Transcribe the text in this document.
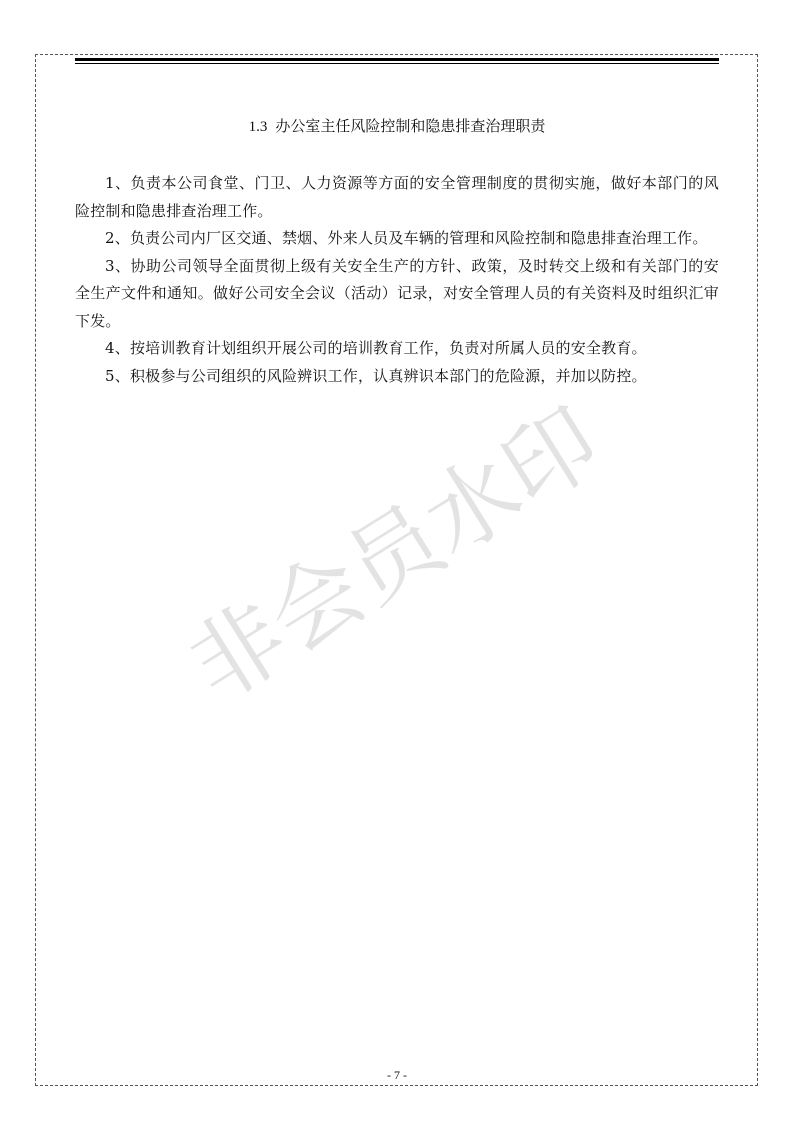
1.3 办公室主任风险控制和隐患排查治理职责

1、负责本公司食堂、门卫、人力资源等方面的安全管理制度的贯彻实施，做好本部门的风险控制和隐患排查治理工作。

2、负责公司内厂区交通、禁烟、外来人员及车辆的管理和风险控制和隐患排查治理工作。

3、协助公司领导全面贯彻上级有关安全生产的方针、政策，及时转交上级和有关部门的安全生产文件和通知。做好公司安全会议（活动）记录，对安全管理人员的有关资料及时组织汇审下发。

4、按培训教育计划组织开展公司的培训教育工作，负责对所属人员的安全教育。

5、积极参与公司组织的风险辨识工作，认真辨识本部门的危险源，并加以防控。

非会员水印
- 7 -
